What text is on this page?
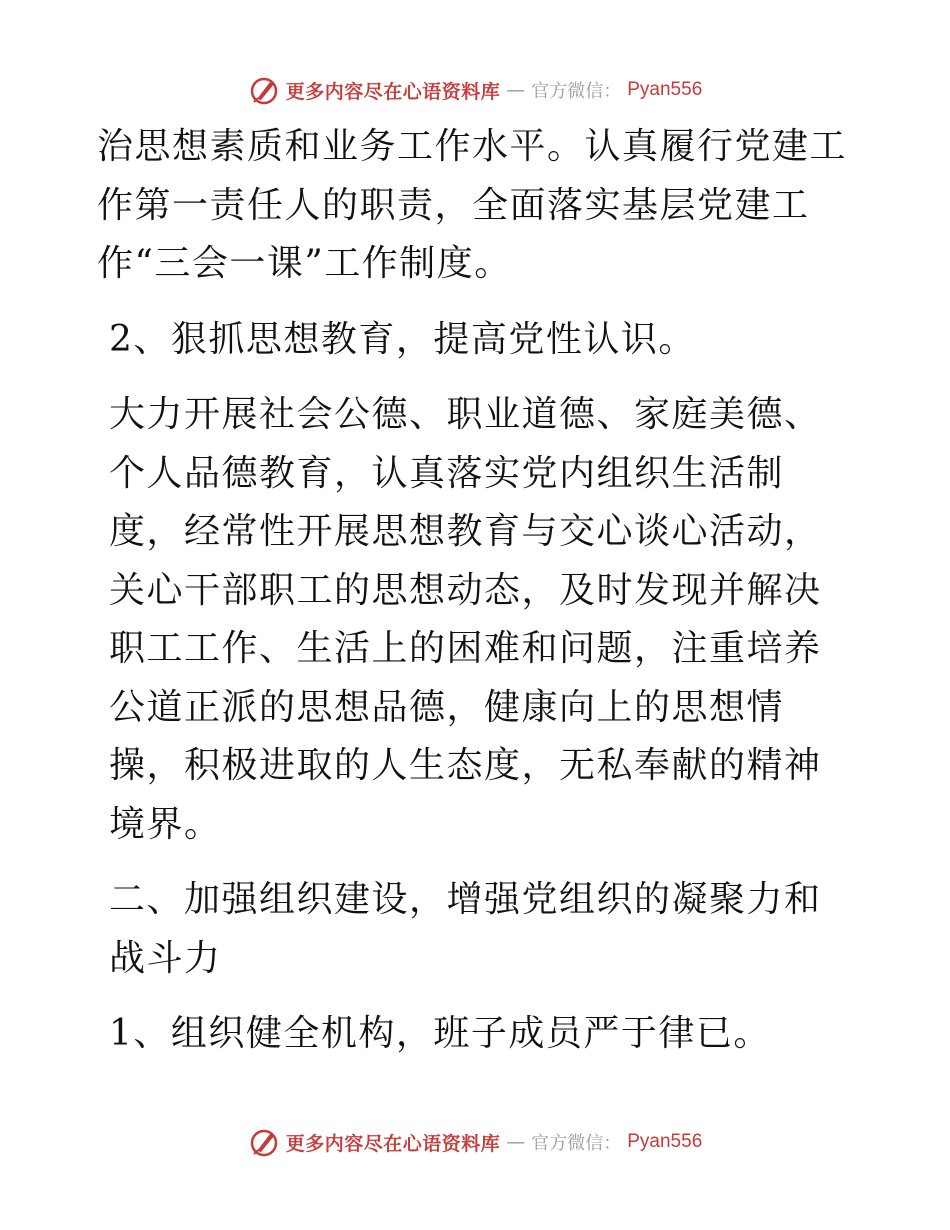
更多内容尽在心语资料库 — 官方微信： Pyan556

治思想素质和业务工作水平。认真履行党建工作第一责任人的职责，全面落实基层党建工作“三会一课”工作制度。

2、狠抓思想教育，提高党性认识。

大力开展社会公德、职业道德、家庭美德、个人品德教育，认真落实党内组织生活制度，经常性开展思想教育与交心谈心活动，关心干部职工的思想动态，及时发现并解决职工工作、生活上的困难和问题，注重培养公道正派的思想品德，健康向上的思想情操，积极进取的人生态度，无私奉献的精神境界。

二、加强组织建设，增强党组织的凝聚力和战斗力

1、组织健全机构，班子成员严于律已。

更多内容尽在心语资料库 — 官方微信： Pyan556
